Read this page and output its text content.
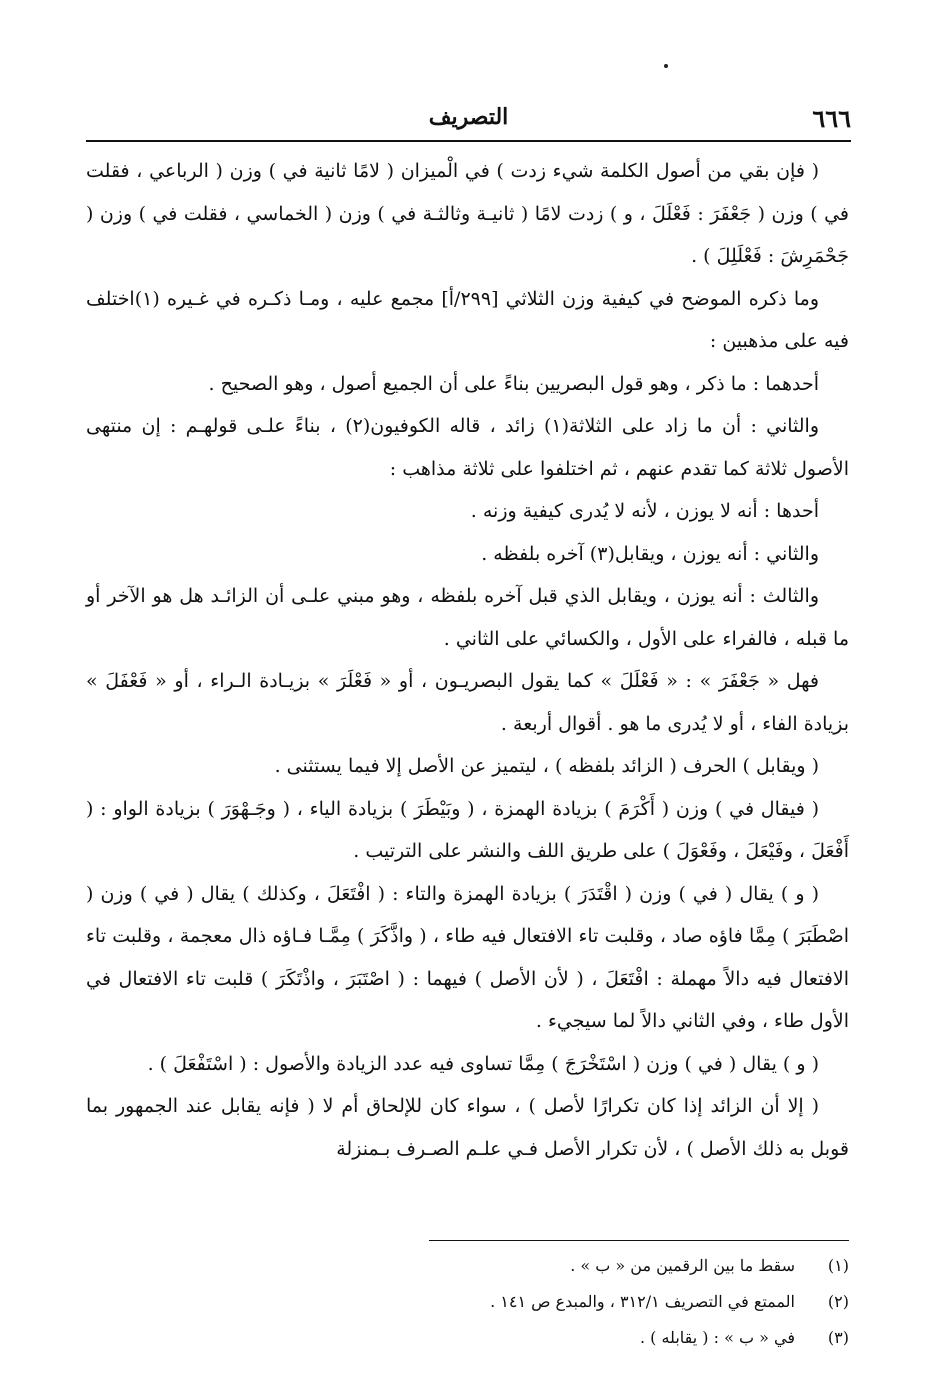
٦٦٦
التصريف

( فإن بقي من أصول الكلمة شيء زدت ) في الْميزان ( لامًا ثانية في ) وزن ( الرباعي ، فقلت في ) وزن ( جَعْفَرَ : فَعْلَلَ ، و ) زدت لامًا ( ثانيـة وثالثـة في ) وزن ( الخماسي ، فقلت في ) وزن ( جَحْمَرِشَ : فَعْلَلِلَ ) .

وما ذكره الموضح في كيفية وزن الثلاثي [٢٩٩/أ] مجمع عليه ، ومـا ذكـره في غـيره (١)اختلف فيه على مذهبين :

أحدهما : ما ذكر ، وهو قول البصريين بناءً على أن الجميع أصول ، وهو الصحيح .

والثاني : أن ما زاد على الثلاثة(١) زائد ، قاله الكوفيون(٢) ، بناءً علـى قولهـم : إن منتهى الأصول ثلاثة كما تقدم عنهم ، ثم اختلفوا على ثلاثة مذاهب :

أحدها : أنه لا يوزن ، لأنه لا يُدرى كيفية وزنه .

والثاني : أنه يوزن ، ويقابل(٣) آخره بلفظه .

والثالث : أنه يوزن ، ويقابل الذي قبل آخره بلفظه ، وهو مبني علـى أن الزائـد هل هو الآخر أو ما قبله ، فالفراء على الأول ، والكسائي على الثاني .

فهل « جَعْفَرَ » : « فَعْلَلَ » كما يقول البصريـون ، أو « فَعْلَرَ » بزيـادة الـراء ، أو « فَعْفَلَ » بزيادة الفاء ، أو لا يُدرى ما هو . أقوال أربعة .

( ويقابل ) الحرف ( الزائد بلفظه ) ، ليتميز عن الأصل إلا فيما يستثنى .

( فيقال في ) وزن ( أَكْرَمَ ) بزيادة الهمزة ، ( وبَيْطَرَ ) بزيادة الياء ، ( وجَـهْوَرَ ) بزيادة الواو : ( أَفْعَلَ ، وفَيْعَلَ ، وفَعْوَلَ ) على طريق اللف والنشر على الترتيب .

( و ) يقال ( في ) وزن ( اقْتَدَرَ ) بزيادة الهمزة والتاء : ( افْتَعَلَ ، وكذلك ) يقال ( في ) وزن ( اصْطَبَرَ ) مِمَّا فاؤه صاد ، وقلبت تاء الافتعال فيه طاء ، ( واذَّكَرَ ) مِمَّـا فـاؤه ذال معجمة ، وقلبت تاء الافتعال فيه دالاً مهملة : افْتَعَلَ ، ( لأن الأصل ) فيهما : ( اصْتَبَرَ ، واذْتَكَرَ ) قلبت تاء الافتعال في الأول طاء ، وفي الثاني دالاً لما سيجيء .

( و ) يقال ( في ) وزن ( اسْتَخْرَجَ ) مِمَّا تساوى فيه عدد الزيادة والأصول : ( اسْتَفْعَلَ ) .

( إلا أن الزائد إذا كان تكرارًا لأصل ) ، سواء كان للإلحاق أم لا ( فإنه يقابل عند الجمهور بما قوبل به ذلك الأصل ) ، لأن تكرار الأصل فـي علـم الصـرف بـمنزلة

(١)
سقط ما بين الرقمين من « ب » .
(٢)
الممتع في التصريف ٣١٢/١ ، والمبدع ص ١٤١ .
(٣)
في « ب » : ( يقابله ) .
